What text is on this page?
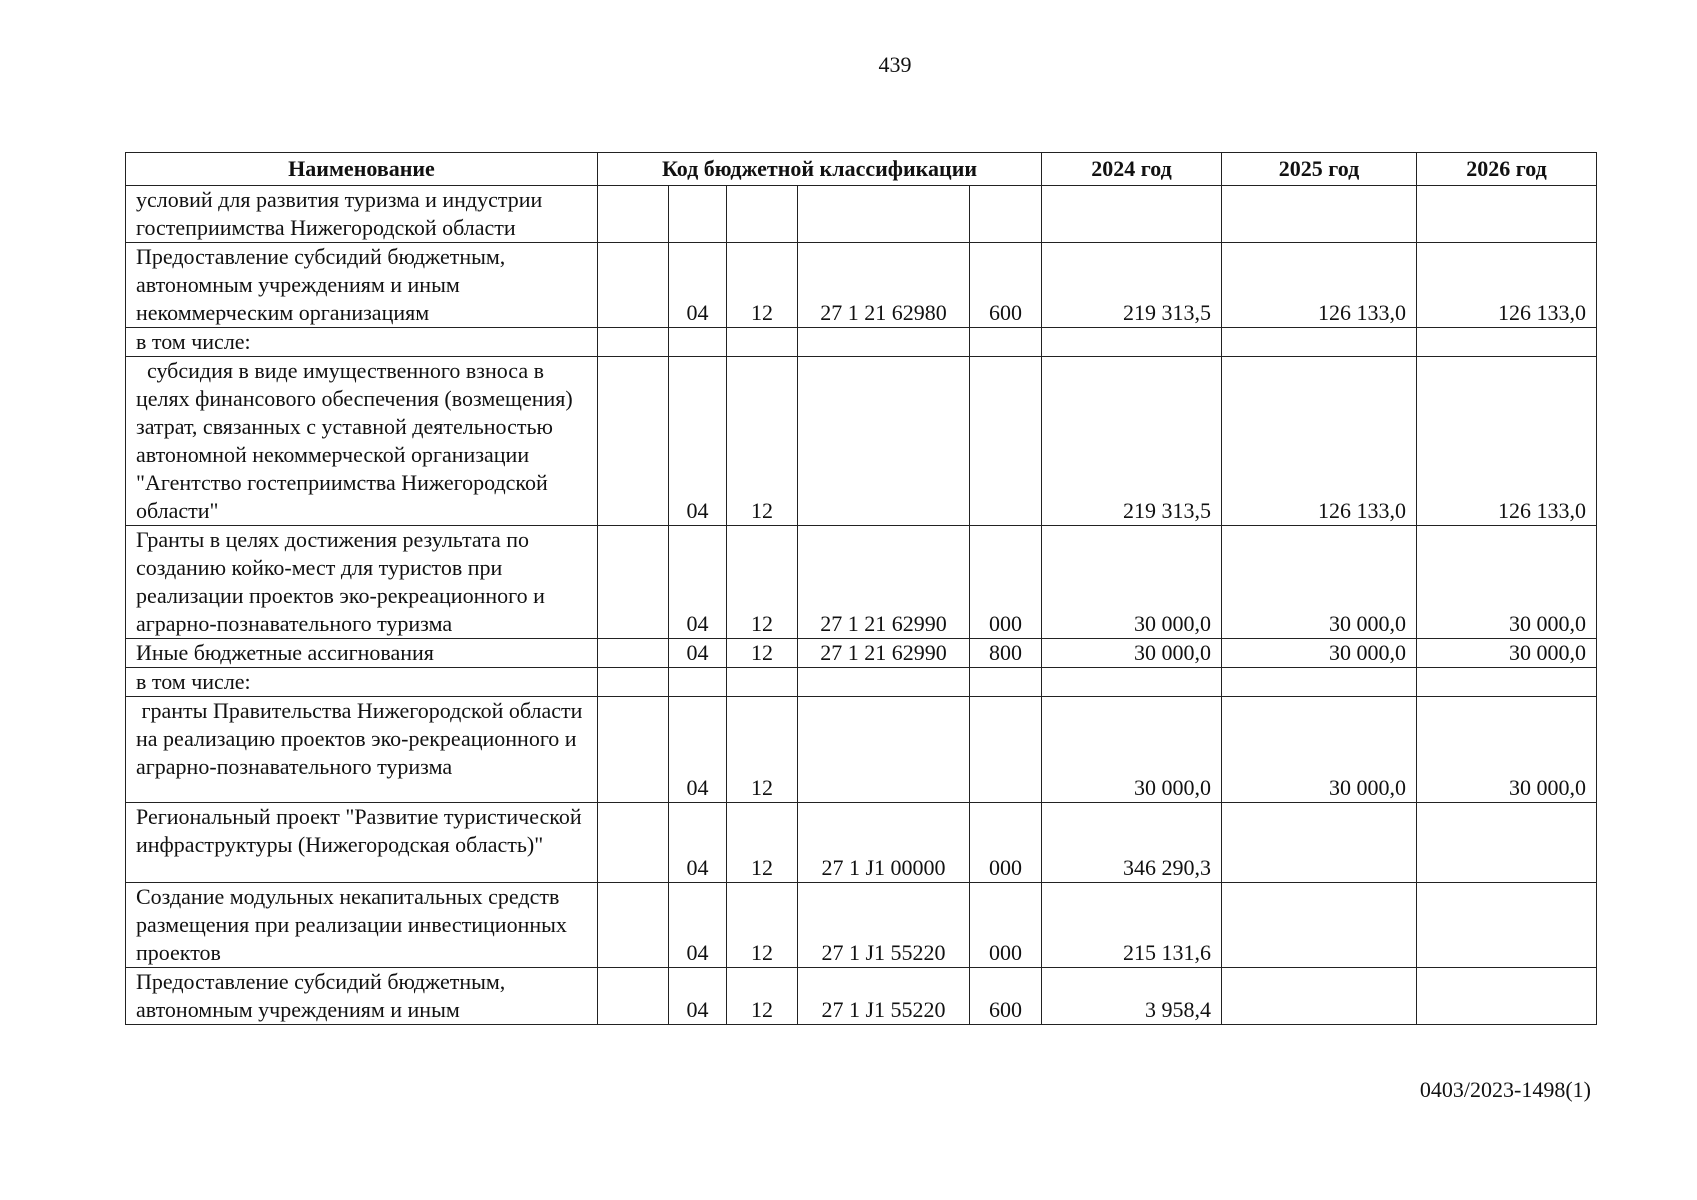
439
Наименование	Код бюджетной классификации					2024 год	2025 год	2026 год
условий для развития туризма и индустрии гостеприимства Нижегородской области								
Предоставление субсидий бюджетным, автономным учреждениям и иным некоммерческим организациям		04	12	27 1 21 62980	600	219 313,5	126 133,0	126 133,0
в том числе:								
субсидия в виде имущественного взноса в целях финансового обеспечения (возмещения) затрат, связанных с уставной деятельностью автономной некоммерческой организации "Агентство гостеприимства Нижегородской области"		04	12			219 313,5	126 133,0	126 133,0
Гранты в целях достижения результата по созданию койко-мест для туристов при реализации проектов эко-рекреационного и аграрно-познавательного туризма		04	12	27 1 21 62990	000	30 000,0	30 000,0	30 000,0
Иные бюджетные ассигнования		04	12	27 1 21 62990	800	30 000,0	30 000,0	30 000,0
в том числе:								
гранты Правительства Нижегородской области на реализацию проектов эко-рекреационного и аграрно-познавательного туризма		04	12			30 000,0	30 000,0	30 000,0
Региональный проект "Развитие туристической инфраструктуры (Нижегородская область)"		04	12	27 1 J1 00000	000	346 290,3		
Создание модульных некапитальных средств размещения при реализации инвестиционных проектов		04	12	27 1 J1 55220	000	215 131,6		
Предоставление субсидий бюджетным, автономным учреждениям и иным		04	12	27 1 J1 55220	600	3 958,4		
0403/2023-1498(1)
